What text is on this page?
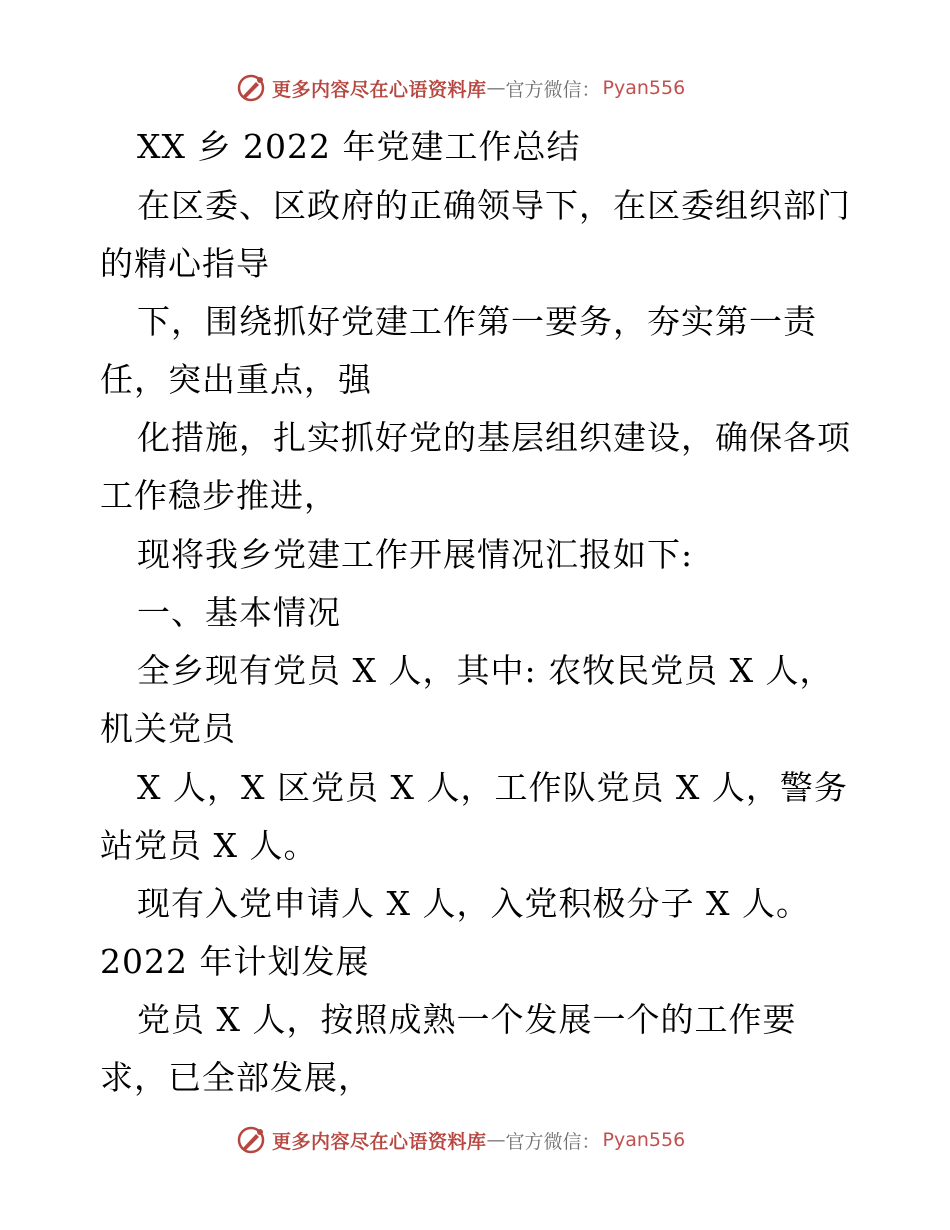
更多内容尽在心语资料库 — 官方微信： Pyan556
XX 乡 2022 年党建工作总结
在区委、区政府的正确领导下，在区委组织部门
的精心指导
下，围绕抓好党建工作第一要务，夯实第一责
任，突出重点，强
化措施，扎实抓好党的基层组织建设，确保各项
工作稳步推进，
现将我乡党建工作开展情况汇报如下:
一、基本情况
全乡现有党员 X 人，其中: 农牧民党员 X 人，
机关党员
X 人，X 区党员 X 人，工作队党员 X 人，警务
站党员 X 人。
现有入党申请人 X 人，入党积极分子 X 人。
2022 年计划发展
党员 X 人，按照成熟一个发展一个的工作要
求，已全部发展，
更多内容尽在心语资料库 — 官方微信： Pyan556
